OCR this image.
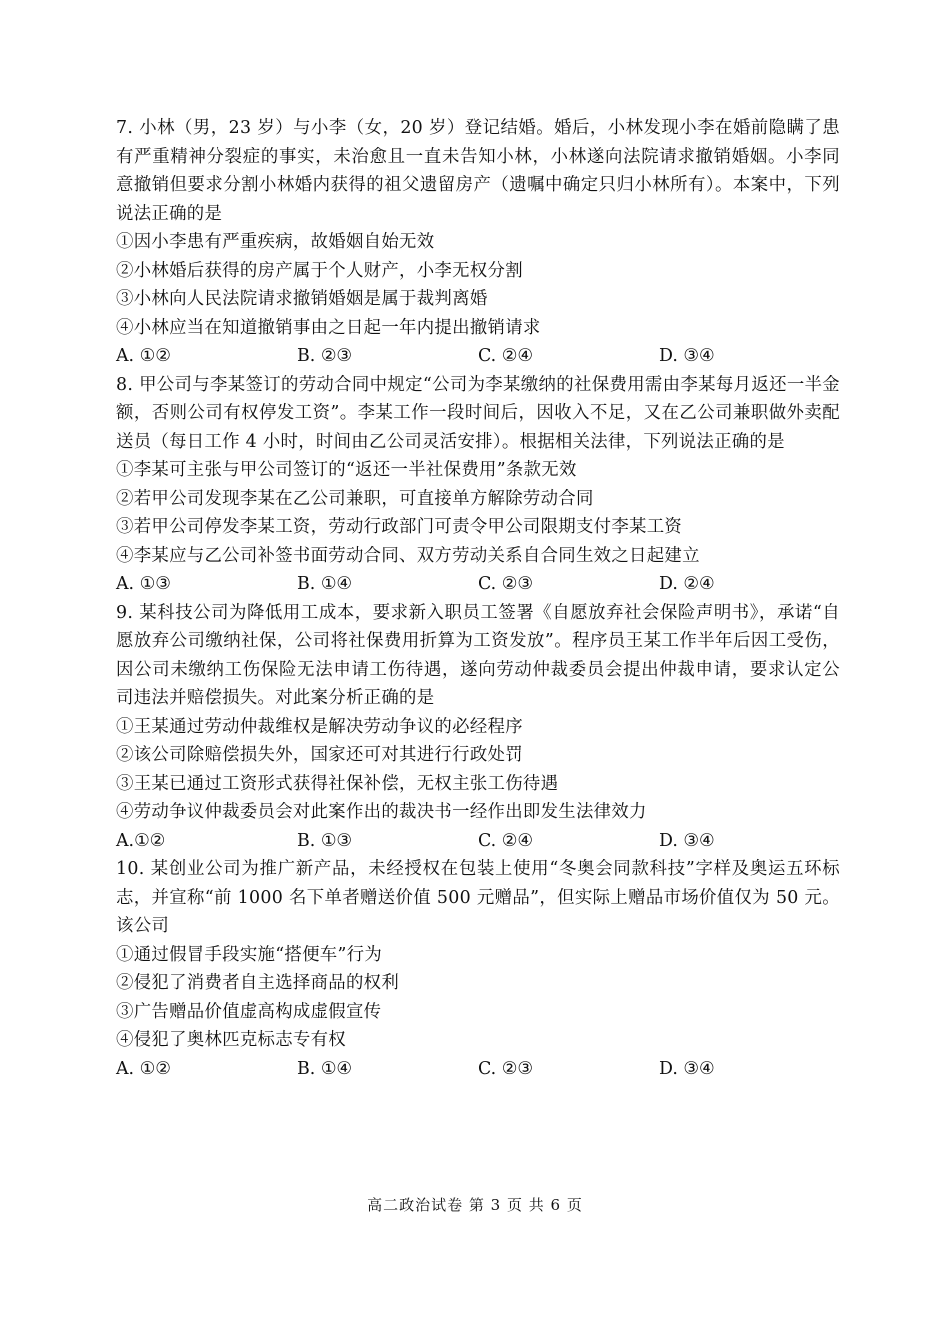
7. 小林（男，23 岁）与小李（女，20 岁）登记结婚。婚后，小林发现小李在婚前隐瞒了患有严重精神分裂症的事实，未治愈且一直未告知小林，小林遂向法院请求撤销婚姻。小李同意撤销但要求分割小林婚内获得的祖父遗留房产（遗嘱中确定只归小林所有）。本案中，下列说法正确的是

①因小李患有严重疾病，故婚姻自始无效

②小林婚后获得的房产属于个人财产，小李无权分割

③小林向人民法院请求撤销婚姻是属于裁判离婚

④小林应当在知道撤销事由之日起一年内提出撤销请求

A. ①②	B. ②③	C. ②④	D. ③④

8. 甲公司与李某签订的劳动合同中规定“公司为李某缴纳的社保费用需由李某每月返还一半金额，否则公司有权停发工资”。李某工作一段时间后，因收入不足，又在乙公司兼职做外卖配送员（每日工作 4 小时，时间由乙公司灵活安排）。根据相关法律，下列说法正确的是

①李某可主张与甲公司签订的“返还一半社保费用”条款无效

②若甲公司发现李某在乙公司兼职，可直接单方解除劳动合同

③若甲公司停发李某工资，劳动行政部门可责令甲公司限期支付李某工资

④李某应与乙公司补签书面劳动合同、双方劳动关系自合同生效之日起建立

A. ①③	B. ①④	C. ②③	D. ②④

9. 某科技公司为降低用工成本，要求新入职员工签署《自愿放弃社会保险声明书》，承诺“自愿放弃公司缴纳社保，公司将社保费用折算为工资发放”。程序员王某工作半年后因工受伤，因公司未缴纳工伤保险无法申请工伤待遇，遂向劳动仲裁委员会提出仲裁申请，要求认定公司违法并赔偿损失。对此案分析正确的是

①王某通过劳动仲裁维权是解决劳动争议的必经程序

②该公司除赔偿损失外，国家还可对其进行行政处罚

③王某已通过工资形式获得社保补偿，无权主张工伤待遇

④劳动争议仲裁委员会对此案作出的裁决书一经作出即发生法律效力

A.①②	B. ①③	C. ②④	D. ③④

10. 某创业公司为推广新产品，未经授权在包装上使用“冬奥会同款科技”字样及奥运五环标志，并宣称“前 1000 名下单者赠送价值 500 元赠品”，但实际上赠品市场价值仅为 50 元。该公司

①通过假冒手段实施“搭便车”行为

②侵犯了消费者自主选择商品的权利

③广告赠品价值虚高构成虚假宣传

④侵犯了奥林匹克标志专有权

A. ①②	B. ①④	C. ②③	D. ③④
高二政治试卷 第 3 页 共 6 页
